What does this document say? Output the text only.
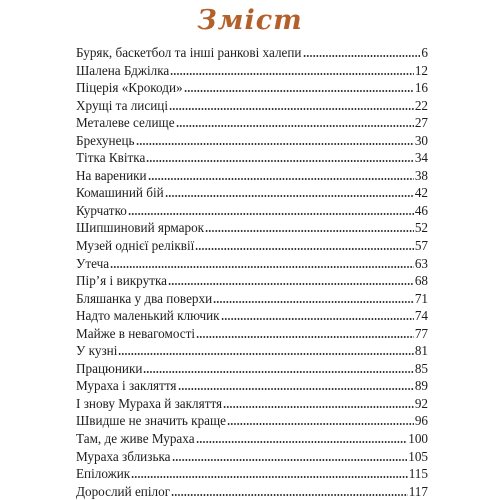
Зміст
Буряк, баскетбол та інші ранкові халепи	6
Шалена Бджілка	12
Піцерія «Крокоди»	16
Хрущі та лисиці	22
Металеве селище	27
Брехунець	30
Тітка Квітка	34
На вареники	38
Комашиний бій	42
Курчатко	46
Шипшиновий ярмарок	52
Музей однієї реліквії	57
Утеча	63
Пір’я і викрутка	68
Бляшанка у два поверхи	71
Надто маленький ключик	74
Майже в невагомості	77
У кузні	81
Працюники	85
Мураха і закляття	89
І знову Мураха й закляття	92
Швидше не значить краще	96
Там, де живе Мураха	100
Мураха зблизька	105
Епіложик	115
Дорослий епілог	117
